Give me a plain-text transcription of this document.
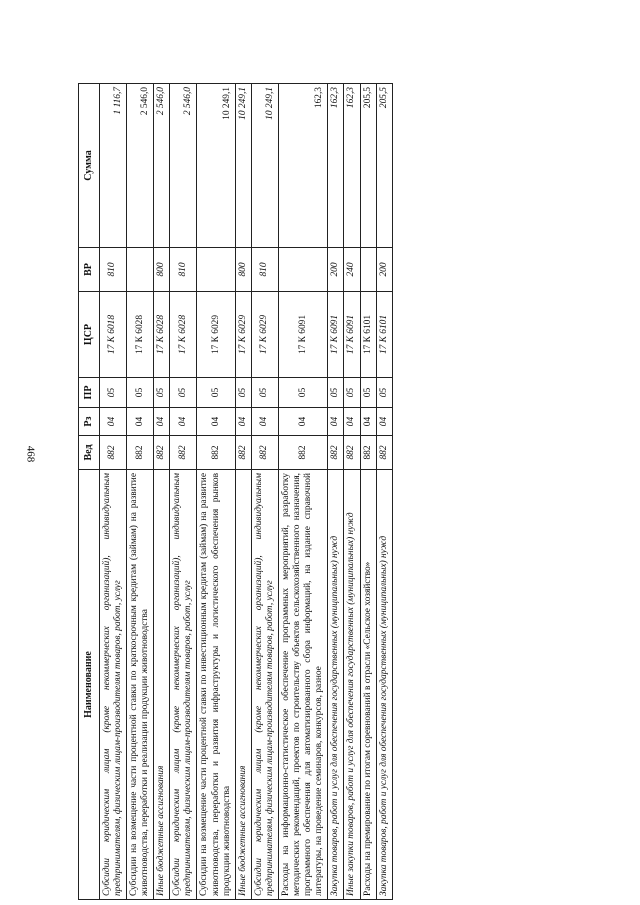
468
Наименование	Вед	Рз	ПР	ЦСР	ВР	Сумма
Субсидии юридическим лицам (кроме некоммерческих организаций), индивидуальным предпринимателям, физическим лицам-производителям товаров, работ, услуг	882	04	05	17 К 6018	810	1 116,7
Субсидии на возмещение части процентной ставки по краткосрочным кредитам (займам) на развитие животноводства, переработки и реализации продукции животноводства	882	04	05	17 К 6028		2 546,0
Иные бюджетные ассигнования	882	04	05	17 К 6028	800	2 546,0
Субсидии юридическим лицам (кроме некоммерческих организаций), индивидуальным предпринимателям, физическим лицам-производителям товаров, работ, услуг	882	04	05	17 К 6028	810	2 546,0
Субсидии на возмещение части процентной ставки по инвестиционным кредитам (займам) на развитие животноводства, переработки и развития инфраструктуры и логистического обеспечения рынков продукции животноводства	882	04	05	17 К 6029		10 249,1
Иные бюджетные ассигнования	882	04	05	17 К 6029	800	10 249,1
Субсидии юридическим лицам (кроме некоммерческих организаций), индивидуальным предпринимателям, физическим лицам-производителям товаров, работ, услуг	882	04	05	17 К 6029	810	10 249,1
Расходы на информационно-статистическое обеспечение программных мероприятий, разработку методических рекомендаций, проектов по строительству объектов сельскохозяйственного назначения, программного обеспечения для автоматизированного сбора информаций, на издание справочной литературы, на проведение семинаров, конкурсов, разное	882	04	05	17 К 6091		162,3
Закупка товаров, работ и услуг для обеспечения государственных (муниципальных) нужд	882	04	05	17 К 6091	200	162,3
Иные закупки товаров, работ и услуг для обеспечения государственных (муниципальных) нужд	882	04	05	17 К 6091	240	162,3
Расходы на премирование по итогам соревнований в отрасли «Сельское хозяйство»	882	04	05	17 К 6101		205,5
Закупка товаров, работ и услуг для обеспечения государственных (муниципальных) нужд	882	04	05	17 К 6101	200	205,5
